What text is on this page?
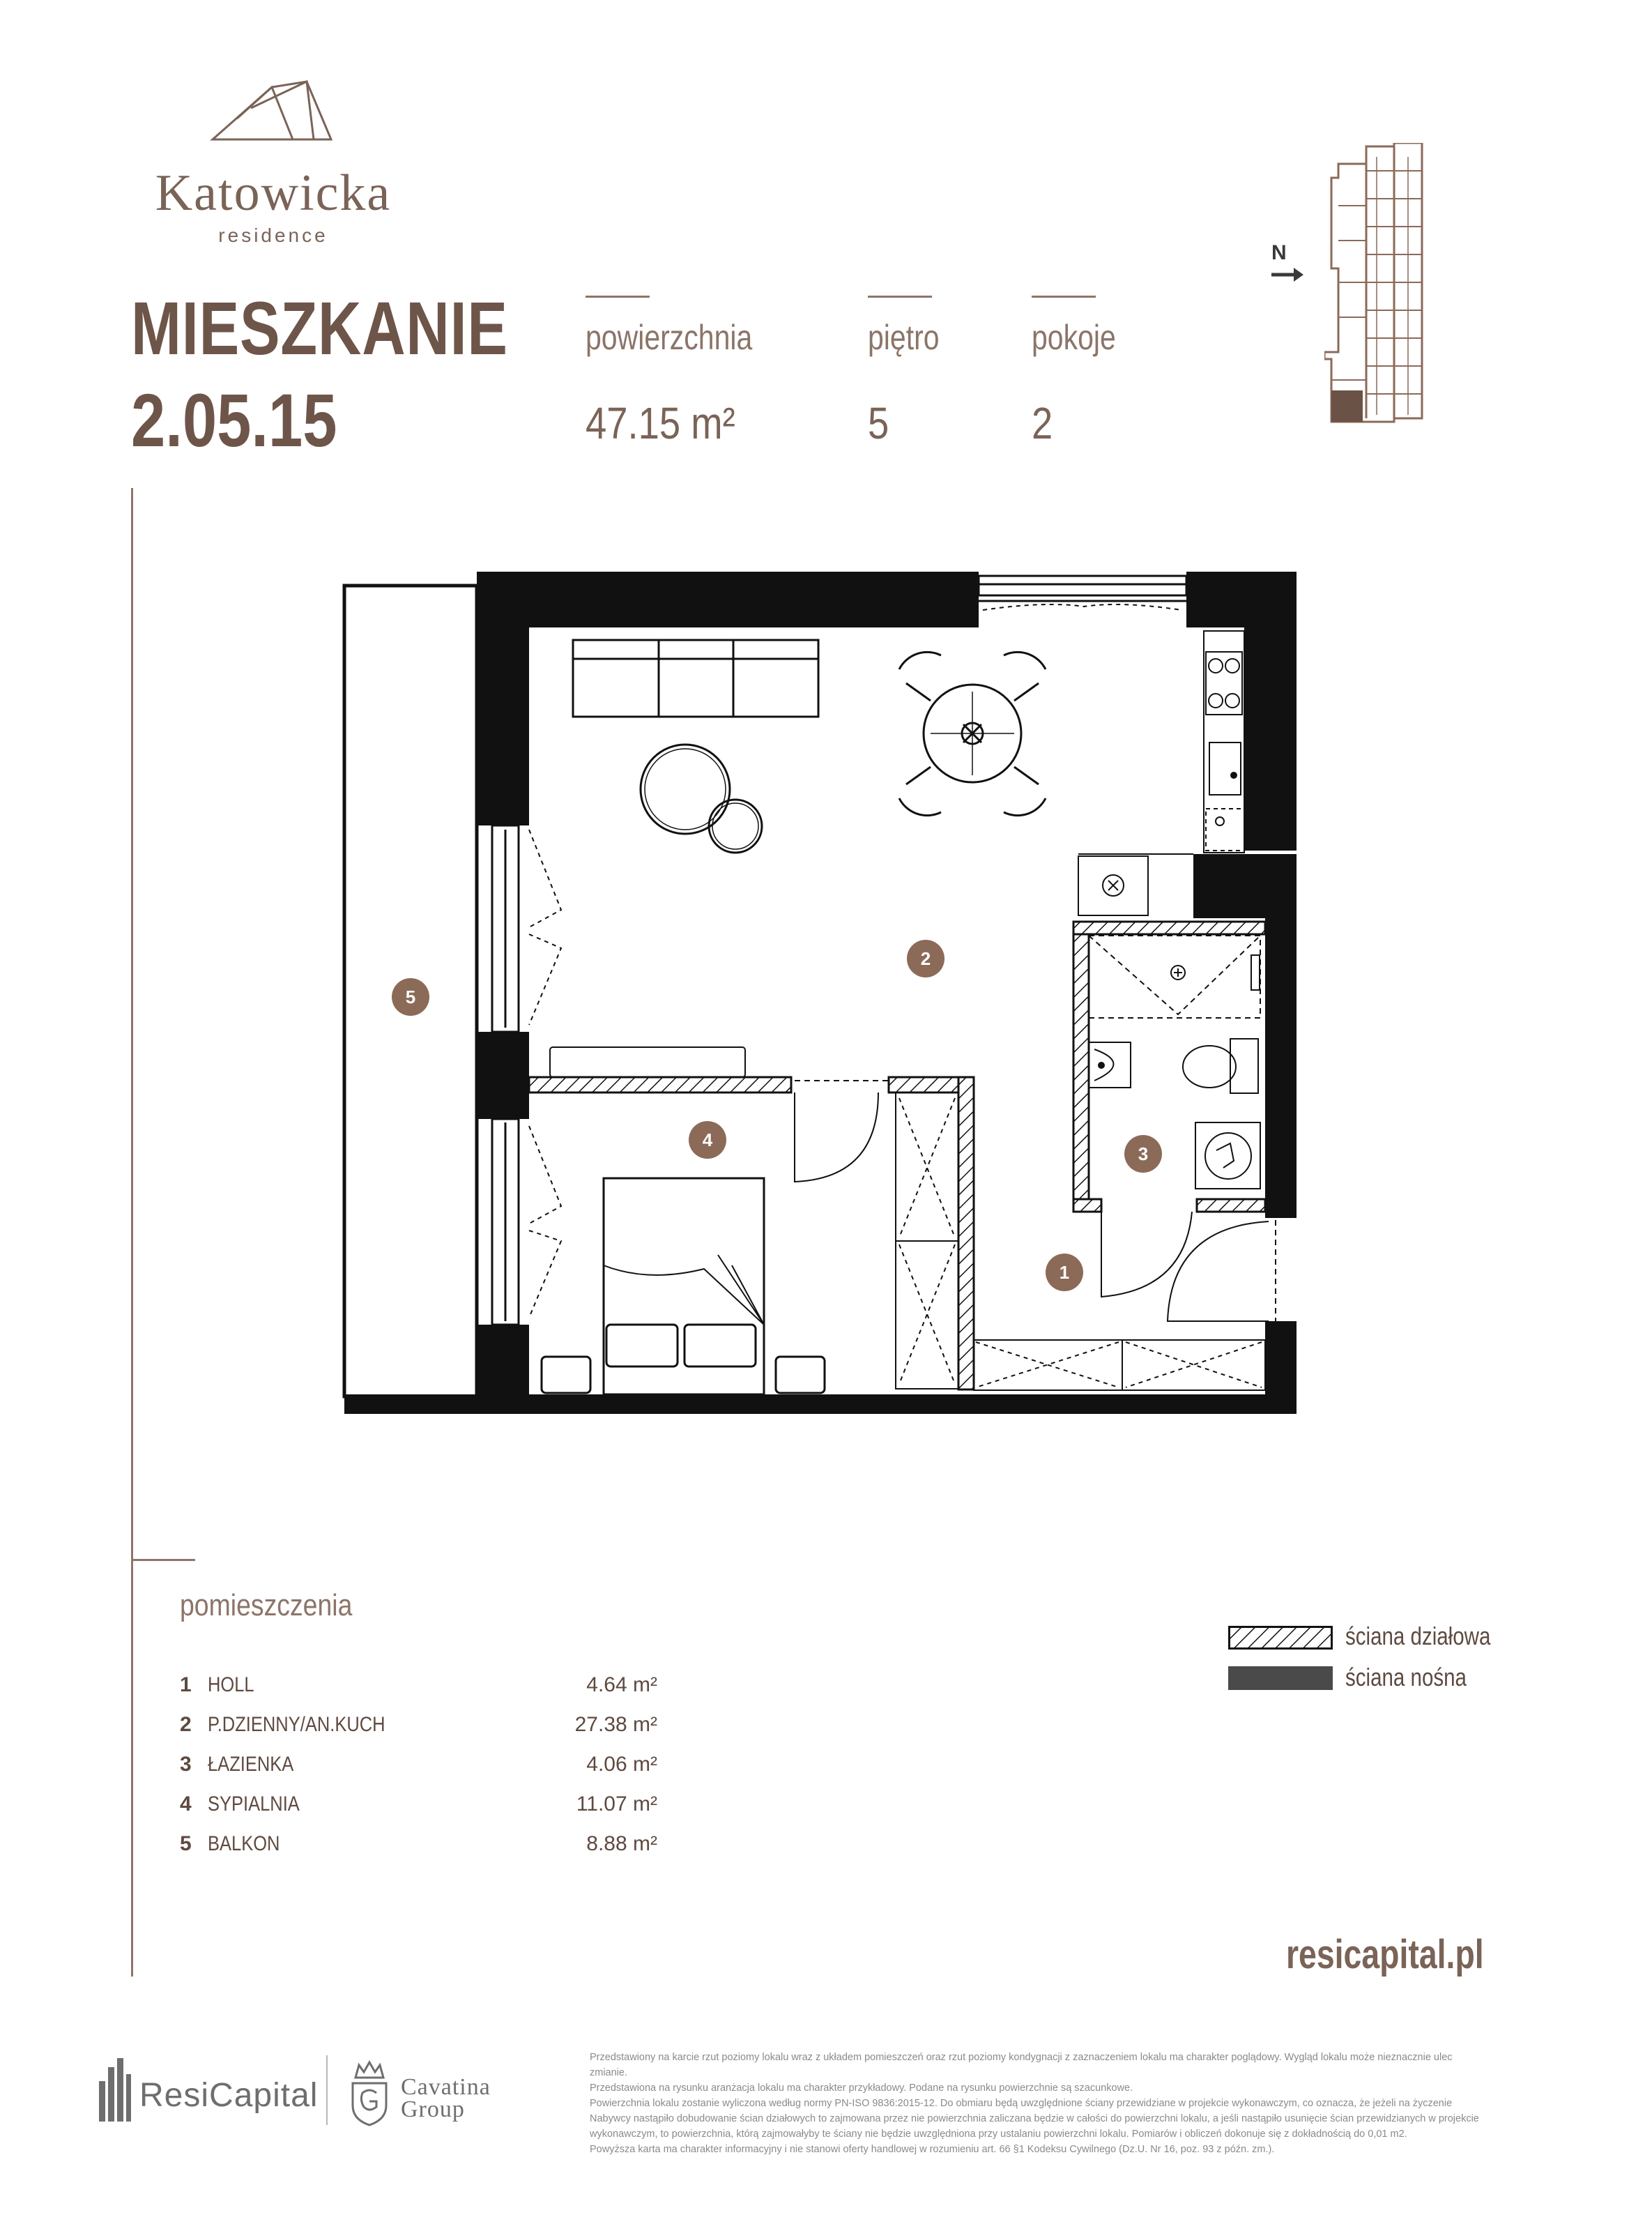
Katowicka
residence
MIESZKANIE
2.05.15
powierzchnia
47.15 m²
piętro
5
pokoje
2
N
1
2
3
4
5
pomieszczenia
1 HOLL	4.64 m²
2 P.DZIENNY/AN.KUCH	27.38 m²
3 ŁAZIENKA	4.06 m²
4 SYPIALNIA	11.07 m²
5 BALKON	8.88 m²
ściana działowa
ściana nośna
resicapital.pl
ResiCapital	Cavatina
Group

Przedstawiony na karcie rzut poziomy lokalu wraz z układem pomieszczeń oraz rzut poziomy kondygnacji z zaznaczeniem lokalu ma charakter poglądowy. Wygląd lokalu może nieznacznie ulec zmianie.

Przedstawiona na rysunku aranżacja lokalu ma charakter przykładowy. Podane na rysunku powierzchnie są szacunkowe.

Powierzchnia lokalu zostanie wyliczona według normy PN-ISO 9836:2015-12. Do obmiaru będą uwzględnione ściany przewidziane w projekcie wykonawczym, co oznacza, że jeżeli na życzenie Nabywcy nastąpiło dobudowanie ścian działowych to zajmowana przez nie powierzchnia zaliczana będzie w całości do powierzchni lokalu, a jeśli nastąpiło usunięcie ścian przewidzianych w projekcie wykonawczym, to powierzchnia, którą zajmowałyby te ściany nie będzie uwzględniona przy ustalaniu powierzchni lokalu. Pomiarów i obliczeń dokonuje się z dokładnością do 0,01 m2.

Powyższa karta ma charakter informacyjny i nie stanowi oferty handlowej w rozumieniu art. 66 §1 Kodeksu Cywilnego (Dz.U. Nr 16, poz. 93 z późn. zm.).
